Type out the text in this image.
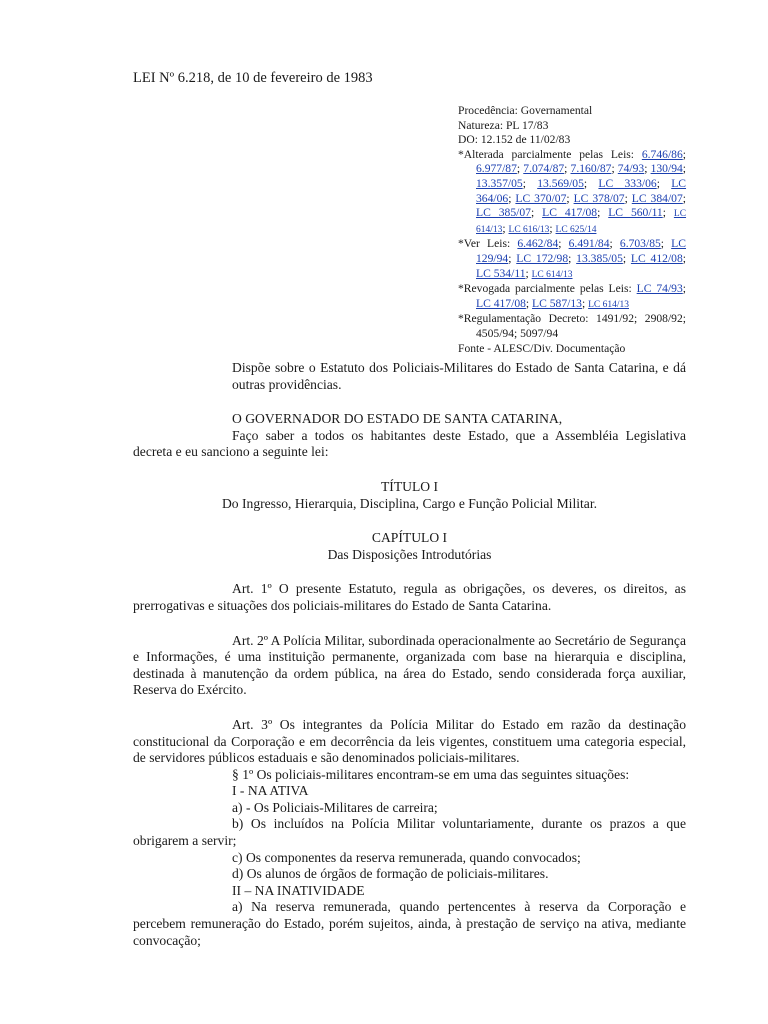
LEI Nº 6.218, de 10 de fevereiro de 1983
Procedência: Governamental
Natureza: PL 17/83
DO: 12.152 de 11/02/83
*Alterada parcialmente pelas Leis: 6.746/86; 6.977/87; 7.074/87; 7.160/87; 74/93; 130/94; 13.357/05; 13.569/05; LC 333/06; LC 364/06; LC 370/07; LC 378/07; LC 384/07; LC 385/07; LC 417/08; LC 560/11; LC 614/13; LC 616/13; LC 625/14
*Ver Leis: 6.462/84; 6.491/84; 6.703/85; LC 129/94; LC 172/98; 13.385/05; LC 412/08; LC 534/11; LC 614/13
*Revogada parcialmente pelas Leis: LC 74/93; LC 417/08; LC 587/13; LC 614/13
*Regulamentação Decreto: 1491/92; 2908/92; 4505/94; 5097/94
Fonte - ALESC/Div. Documentação

Dispõe sobre o Estatuto dos Policiais-Militares do Estado de Santa Catarina, e dá outras providências.

O GOVERNADOR DO ESTADO DE SANTA CATARINA,

Faço saber a todos os habitantes deste Estado, que a Assembléia Legislativa decreta e eu sanciono a seguinte lei:

TÍTULO I

Do Ingresso, Hierarquia, Disciplina, Cargo e Função Policial Militar.

CAPÍTULO I

Das Disposições Introdutórias

Art. 1º O presente Estatuto, regula as obrigações, os deveres, os direitos, as prerrogativas e situações dos policiais-militares do Estado de Santa Catarina.

Art. 2º A Polícia Militar, subordinada operacionalmente ao Secretário de Segurança e Informações, é uma instituição permanente, organizada com base na hierarquia e disciplina, destinada à manutenção da ordem pública, na área do Estado, sendo considerada força auxiliar, Reserva do Exército.

Art. 3º Os integrantes da Polícia Militar do Estado em razão da destinação constitucional da Corporação e em decorrência da leis vigentes, constituem uma categoria especial, de servidores públicos estaduais e são denominados policiais-militares.

§ 1º Os policiais-militares encontram-se em uma das seguintes situações:

I - NA ATIVA

a) - Os Policiais-Militares de carreira;

b) Os incluídos na Polícia Militar voluntariamente, durante os prazos a que obrigarem a servir;

c) Os componentes da reserva remunerada, quando convocados;

d) Os alunos de órgãos de formação de policiais-militares.

II – NA INATIVIDADE

a) Na reserva remunerada, quando pertencentes à reserva da Corporação e percebem remuneração do Estado, porém sujeitos, ainda, à prestação de serviço na ativa, mediante convocação;
